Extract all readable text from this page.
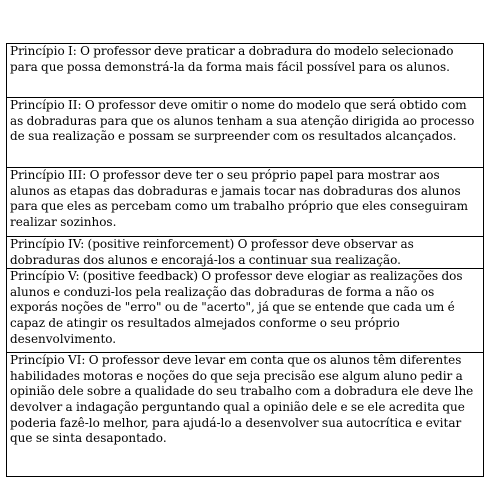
Princípio I: O professor deve praticar a dobradura do modelo selecionado para que possa demonstrá-la da forma mais fácil possível para os alunos.
Princípio II: O professor deve omitir o nome do modelo que será obtido com as dobraduras para que os alunos tenham a sua atenção dirigida ao processo de sua realização e possam se surpreender com os resultados alcançados.
Princípio III: O professor deve ter o seu próprio papel para mostrar aos alunos as etapas das dobraduras e jamais tocar nas dobraduras dos alunos para que eles as percebam como um trabalho próprio que eles conseguiram realizar sozinhos.
Princípio IV: (positive reinforcement) O professor deve observar as dobraduras dos alunos e encorajá-los a continuar sua realização.
Princípio V: (positive feedback) O professor deve elogiar as realizações dos alunos e conduzi-los pela realização das dobraduras de forma a não os exporás noções de "erro" ou de "acerto", já que se entende que cada um é capaz de atingir os resultados almejados conforme o seu próprio desenvolvimento.
Princípio VI: O professor deve levar em conta que os alunos têm diferentes habilidades motoras e noções do que seja precisão ese algum aluno pedir a opinião dele sobre a qualidade do seu trabalho com a dobradura ele deve lhe devolver a indagação perguntando qual a opinião dele e se ele acredita que poderia fazê-lo melhor, para ajudá-lo a desenvolver sua autocrítica e evitar que se sinta desapontado.
